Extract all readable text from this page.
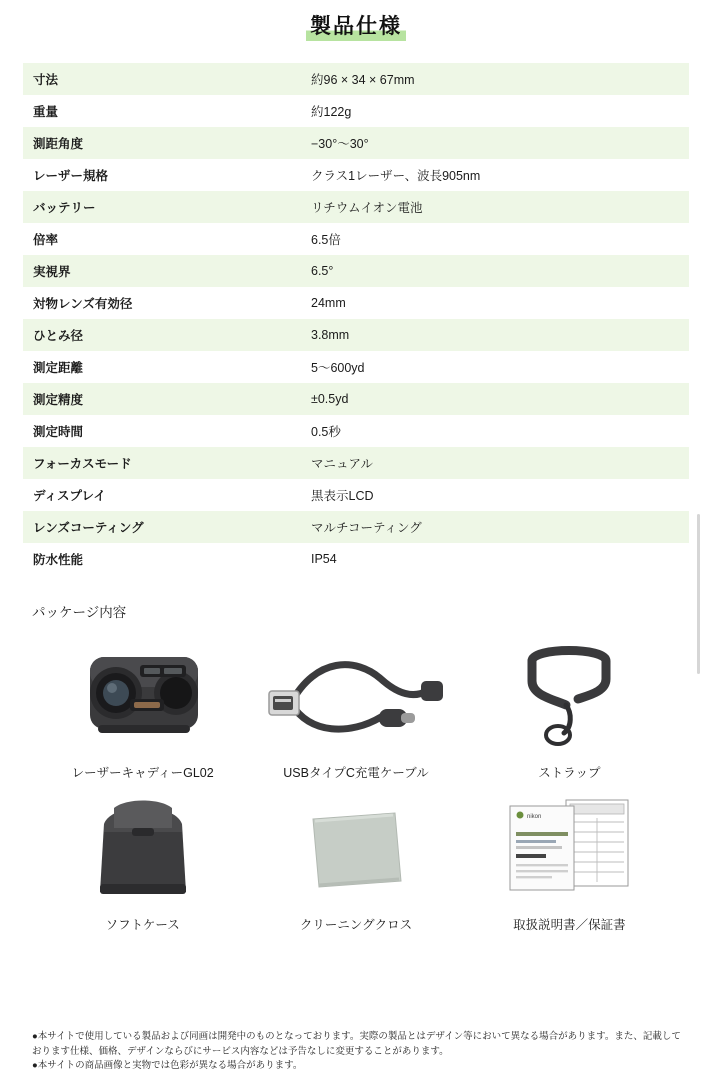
製品仕様
寸法	約96 × 34 × 67mm
重量	約122g
測距角度	−30°〜30°
レーザー規格	クラス1レーザー、波長905nm
バッテリー	リチウムイオン電池
倍率	6.5倍
実視界	6.5°
対物レンズ有効径	24mm
ひとみ径	3.8mm
測定距離	5〜600yd
測定精度	±0.5yd
測定時間	0.5秒
フォーカスモード	マニュアル
ディスプレイ	黒表示LCD
レンズコーティング	マルチコーティング
防水性能	IP54
パッケージ内容
レーザーキャディーGL02	USBタイプC充電ケーブル	ストラップ
ソフトケース	クリーニングクロス
nikon
取扱説明書／保証書
●本サイトで使用している製品および同画は開発中のものとなっております。実際の製品とはデザイン等において異なる場合があります。また、記載しております仕様、価格、デザインならびにサービス内容などは予告なしに変更することがあります。
●本サイトの商品画像と実物では色彩が異なる場合があります。
